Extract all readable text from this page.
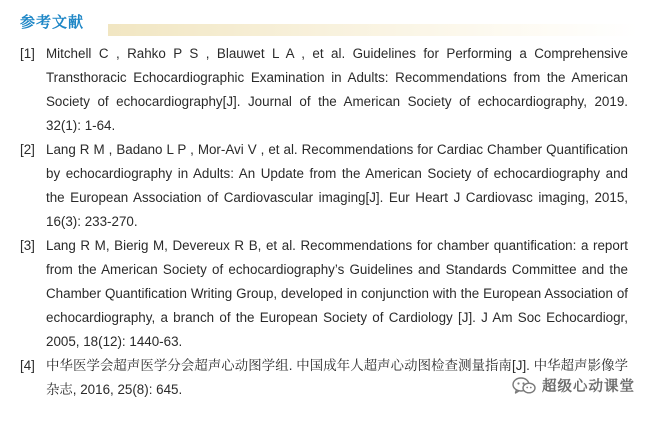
参考文献
[1] Mitchell C , Rahko P S , Blauwet L A , et al. Guidelines for Performing a Comprehensive Transthoracic Echocardiographic Examination in Adults: Recommendations from the American Society of echocardiography[J]. Journal of the American Society of echocardiography, 2019. 32(1): 1-64.
[2] Lang R M , Badano L P , Mor-Avi V , et al. Recommendations for Cardiac Chamber Quantification by echocardiography in Adults: An Update from the American Society of echocardiography and the European Association of Cardiovascular imaging[J]. Eur Heart J Cardiovasc imaging, 2015, 16(3): 233-270.
[3] Lang R M, Bierig M, Devereux R B, et al. Recommendations for chamber quantification: a report from the American Society of echocardiography’s Guidelines and Standards Committee and the Chamber Quantification Writing Group, developed in conjunction with the European Association of echocardiography, a branch of the European Society of Cardiology [J]. J Am Soc Echocardiogr, 2005, 18(12): 1440-63.
[4] 中华医学会超声医学分会超声心动图学组. 中国成年人超声心动图检查测量指南[J]. 中华超声影像学杂志, 2016, 25(8): 645.	超级心动课堂
